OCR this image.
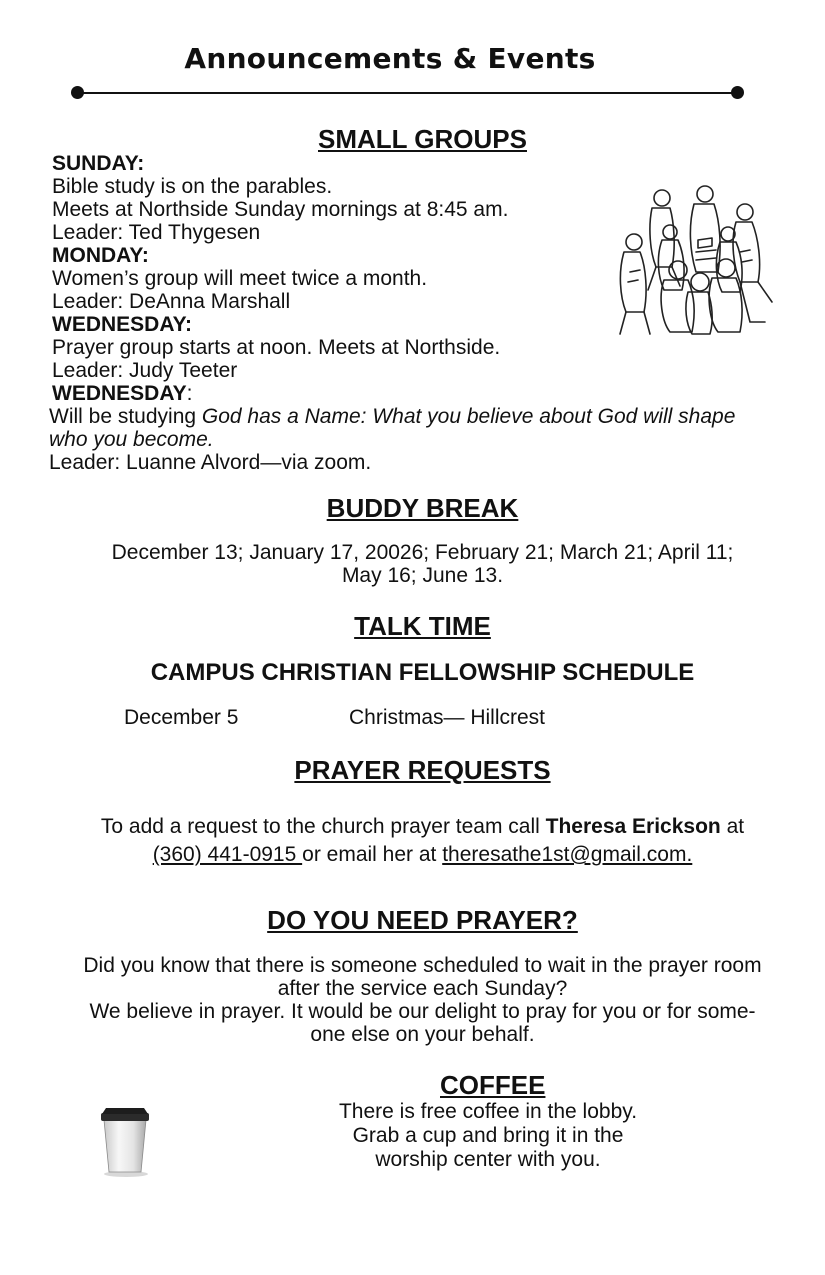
Announcements & Events
SMALL GROUPS
SUNDAY:
Bible study is on the parables.
Meets at Northside Sunday mornings at 8:45 am.
Leader: Ted Thygesen
MONDAY:
Women’s group will meet twice a month.
Leader: DeAnna Marshall
WEDNESDAY:
Prayer group starts at noon. Meets at Northside.
Leader: Judy Teeter
WEDNESDAY:
Will be studying God has a Name: What you believe about God will shape
who you become.
Leader: Luanne Alvord—via zoom.
BUDDY BREAK
December 13; January 17, 20026; February 21; March 21; April 11;
May 16; June 13.
TALK TIME
CAMPUS CHRISTIAN FELLOWSHIP SCHEDULE
December 5	Christmas— Hillcrest
PRAYER REQUESTS
To add a request to the church prayer team call Theresa Erickson at
(360) 441-0915 or email her at theresathe1st@gmail.com.
DO YOU NEED PRAYER?
Did you know that there is someone scheduled to wait in the prayer room
after the service each Sunday?
We believe in prayer. It would be our delight to pray for you or for some-
one else on your behalf.
COFFEE
There is free coffee in the lobby.
Grab a cup and bring it in the
worship center with you.
